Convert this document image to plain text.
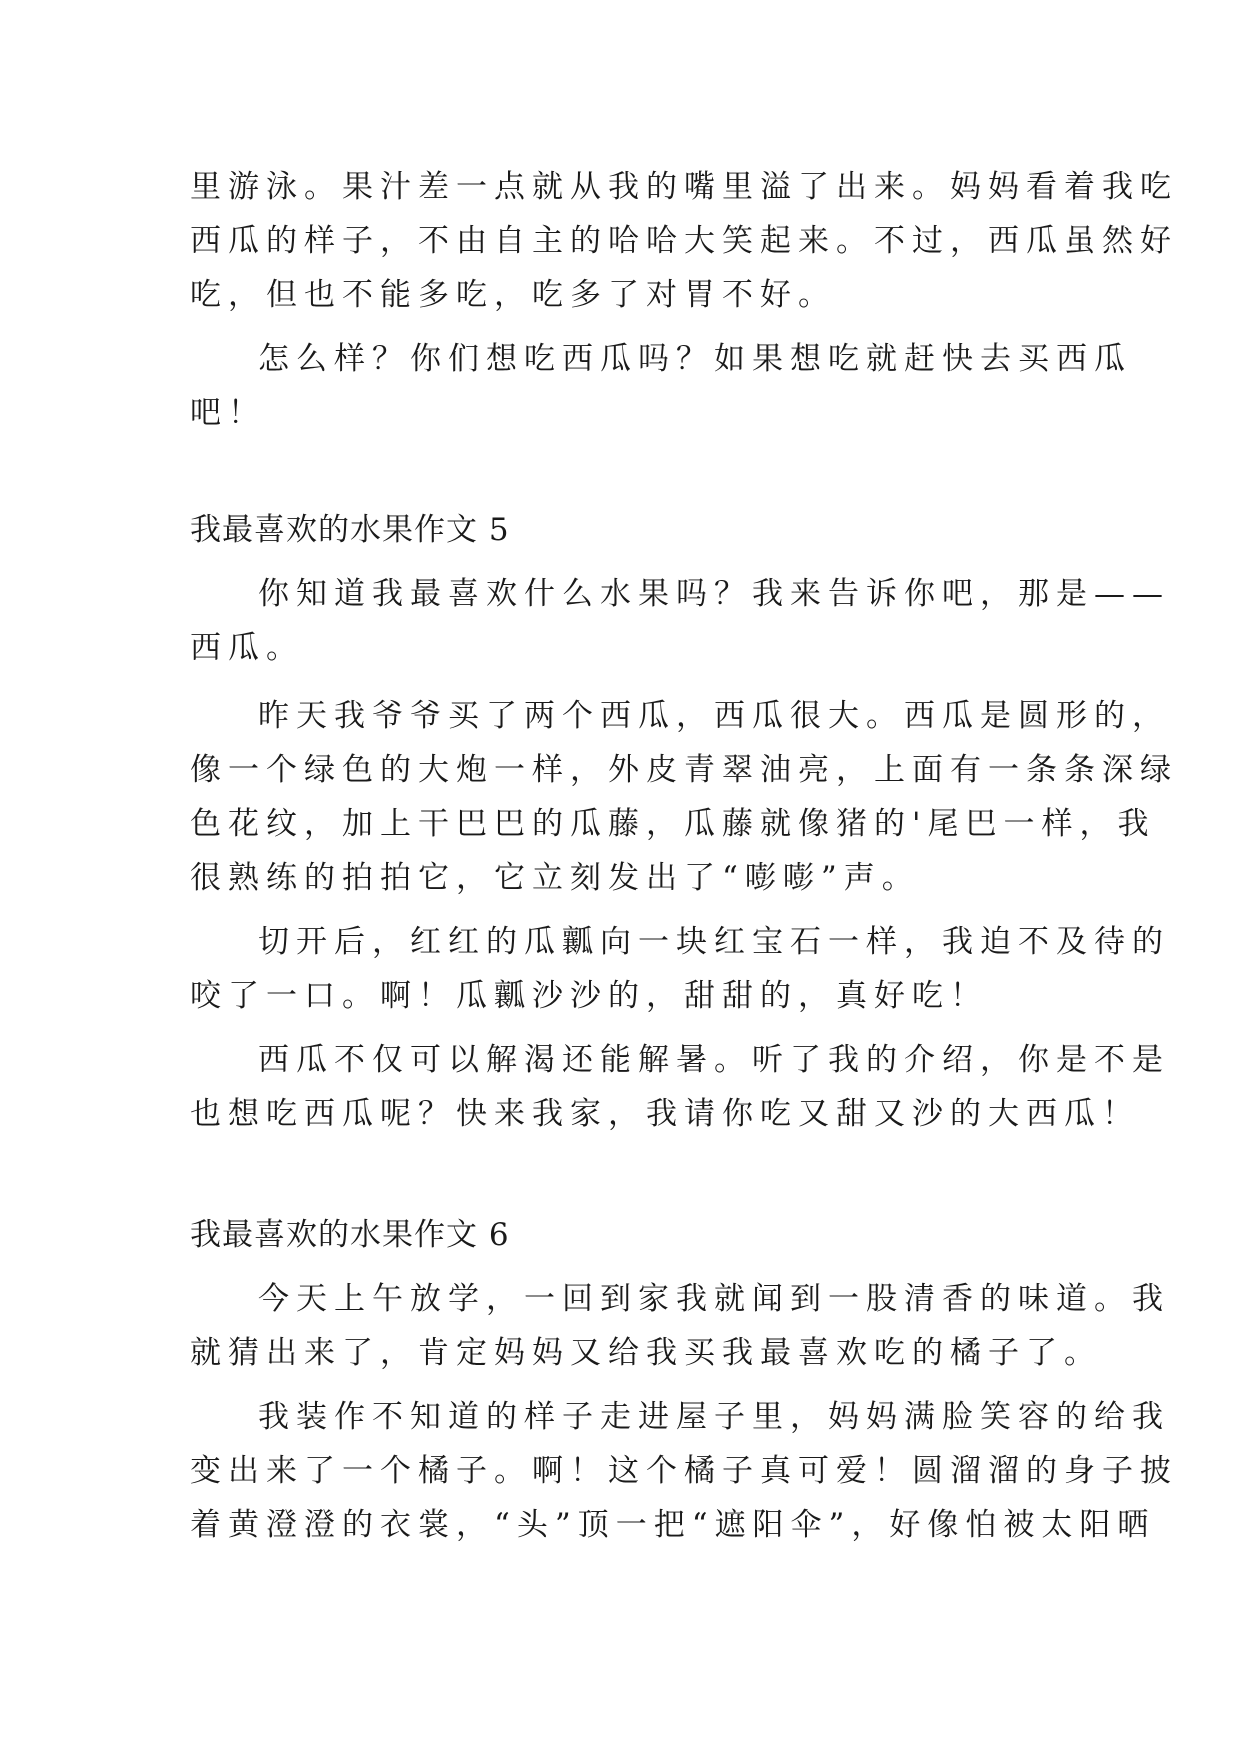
里游泳。果汁差一点就从我的嘴里溢了出来。妈妈看着我吃
西瓜的样子，不由自主的哈哈大笑起来。不过，西瓜虽然好
吃，但也不能多吃，吃多了对胃不好。
怎么样？你们想吃西瓜吗？如果想吃就赶快去买西瓜
吧！
我最喜欢的水果作文 5
你知道我最喜欢什么水果吗？我来告诉你吧，那是——
西瓜。
昨天我爷爷买了两个西瓜，西瓜很大。西瓜是圆形的，
像一个绿色的大炮一样，外皮青翠油亮，上面有一条条深绿
色花纹，加上干巴巴的瓜藤，瓜藤就像猪的'尾巴一样，我
很熟练的拍拍它，它立刻发出了“嘭嘭”声。
切开后，红红的瓜瓤向一块红宝石一样，我迫不及待的
咬了一口。啊！瓜瓤沙沙的，甜甜的，真好吃！
西瓜不仅可以解渴还能解暑。听了我的介绍，你是不是
也想吃西瓜呢？快来我家，我请你吃又甜又沙的大西瓜！
我最喜欢的水果作文 6
今天上午放学，一回到家我就闻到一股清香的味道。我
就猜出来了，肯定妈妈又给我买我最喜欢吃的橘子了。
我装作不知道的样子走进屋子里，妈妈满脸笑容的给我
变出来了一个橘子。啊！这个橘子真可爱！圆溜溜的身子披
着黄澄澄的衣裳，“头”顶一把“遮阳伞”，好像怕被太阳晒
